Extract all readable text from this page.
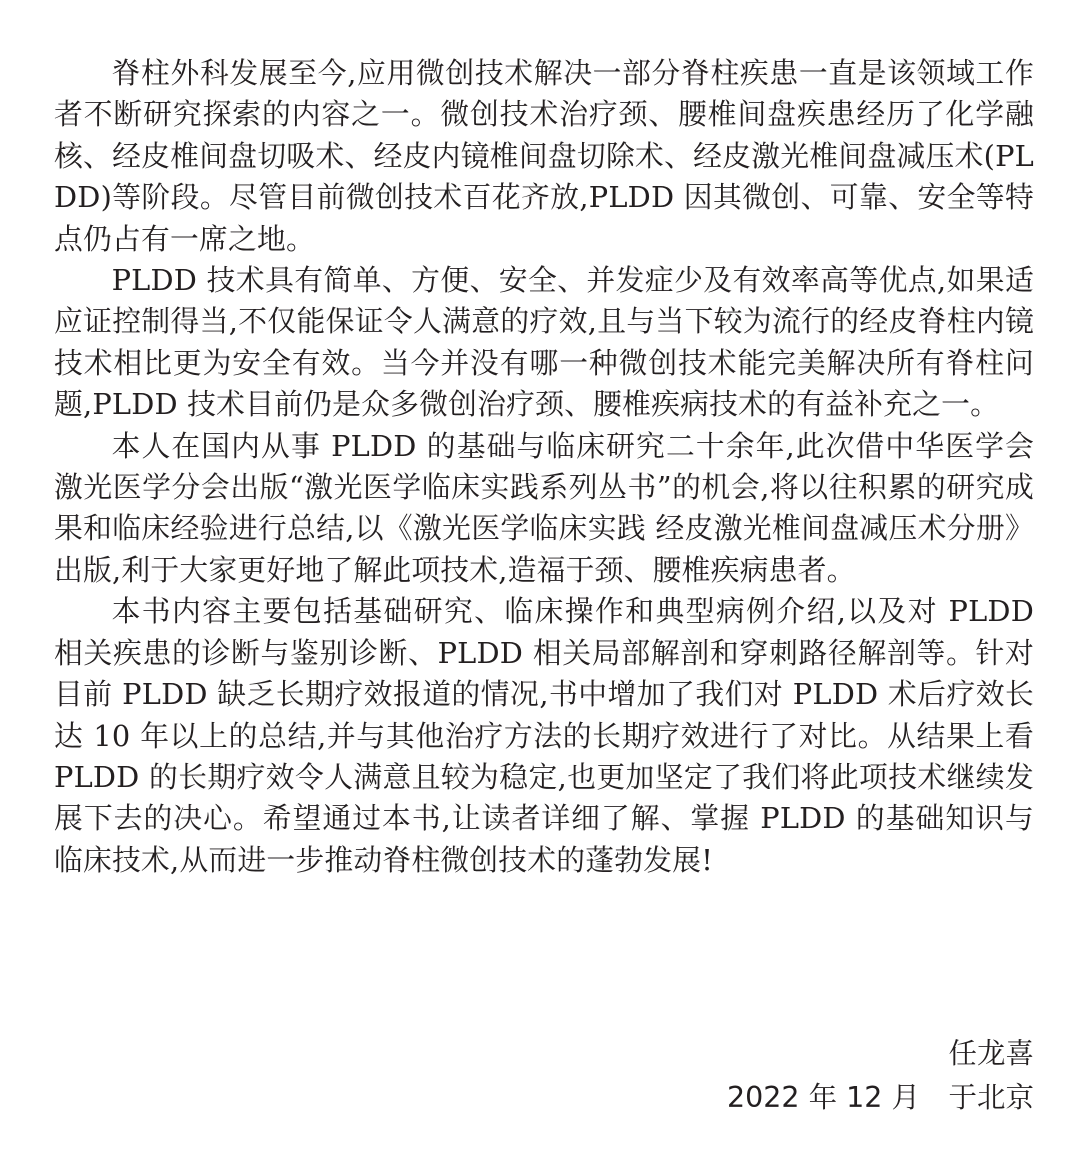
脊柱外科发展至今,应用微创技术解决一部分脊柱疾患一直是该领域工作者不断研究探索的内容之一。微创技术治疗颈、腰椎间盘疾患经历了化学融核、经皮椎间盘切吸术、经皮内镜椎间盘切除术、经皮激光椎间盘减压术(PLDD)等阶段。尽管目前微创技术百花齐放,PLDD 因其微创、可靠、安全等特点仍占有一席之地。

PLDD 技术具有简单、方便、安全、并发症少及有效率高等优点,如果适应证控制得当,不仅能保证令人满意的疗效,且与当下较为流行的经皮脊柱内镜技术相比更为安全有效。当今并没有哪一种微创技术能完美解决所有脊柱问题,PLDD 技术目前仍是众多微创治疗颈、腰椎疾病技术的有益补充之一。

本人在国内从事 PLDD 的基础与临床研究二十余年,此次借中华医学会激光医学分会出版“激光医学临床实践系列丛书”的机会,将以往积累的研究成果和临床经验进行总结,以《激光医学临床实践 经皮激光椎间盘减压术分册》出版,利于大家更好地了解此项技术,造福于颈、腰椎疾病患者。

本书内容主要包括基础研究、临床操作和典型病例介绍,以及对 PLDD 相关疾患的诊断与鉴别诊断、PLDD 相关局部解剖和穿刺路径解剖等。针对目前 PLDD 缺乏长期疗效报道的情况,书中增加了我们对 PLDD 术后疗效长达 10 年以上的总结,并与其他治疗方法的长期疗效进行了对比。从结果上看 PLDD 的长期疗效令人满意且较为稳定,也更加坚定了我们将此项技术继续发展下去的决心。希望通过本书,让读者详细了解、掌握 PLDD 的基础知识与临床技术,从而进一步推动脊柱微创技术的蓬勃发展!

任龙喜
2022 年 12 月　于北京
